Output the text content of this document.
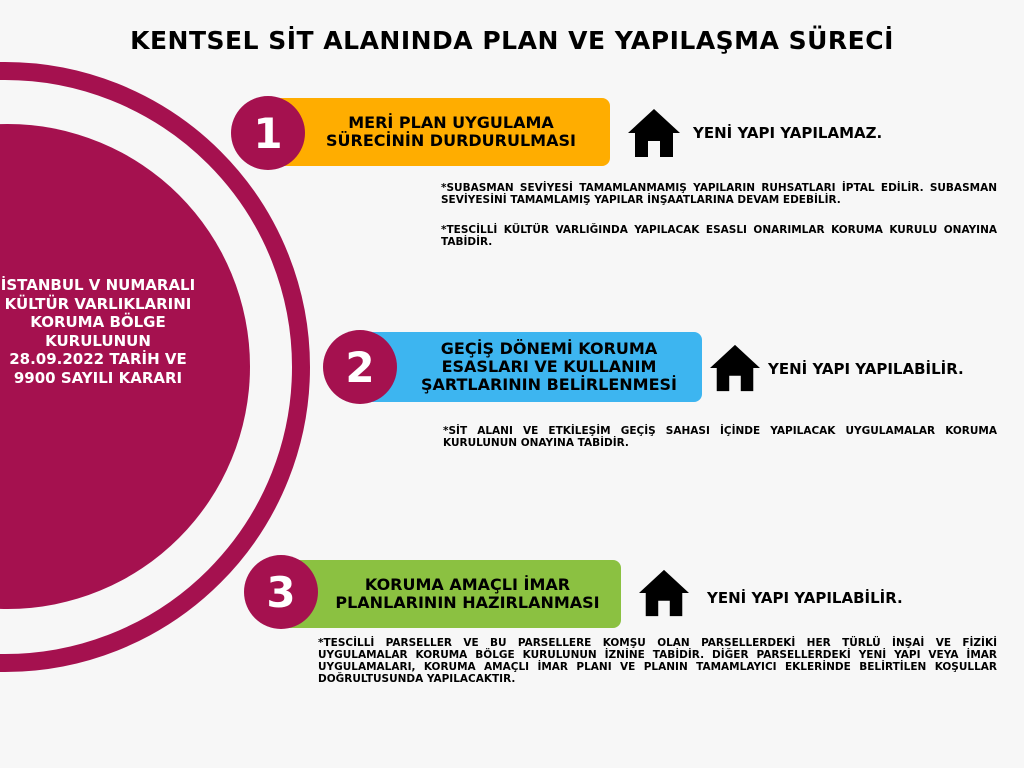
KENTSEL SİT ALANINDA PLAN VE YAPILAŞMA SÜRECİ
İSTANBUL V NUMARALI KÜLTÜR VARLIKLARINI KORUMA BÖLGE KURULUNUN 28.09.2022 TARİH VE 9900 SAYILI KARARI
MERİ PLAN UYGULAMA SÜRECİNİN DURDURULMASI
1	YENİ YAPI YAPILAMAZ.

*SUBASMAN SEVİYESİ TAMAMLANMAMIŞ YAPILARIN RUHSATLARI İPTAL EDİLİR. SUBASMAN SEVİYESİNİ TAMAMLAMIŞ YAPILAR İNŞAATLARINA DEVAM EDEBİLİR.

*TESCİLLİ KÜLTÜR VARLIĞINDA YAPILACAK ESASLI ONARIMLAR KORUMA KURULU ONAYINA TABİDİR.

GEÇİŞ DÖNEMİ KORUMA ESASLARI VE KULLANIM ŞARTLARININ BELİRLENMESİ
2	YENİ YAPI YAPILABİLİR.

*SİT ALANI VE ETKİLEŞİM GEÇİŞ SAHASI İÇİNDE YAPILACAK UYGULAMALAR KORUMA KURULUNUN ONAYINA TABİDİR.

KORUMA AMAÇLI İMAR PLANLARININ HAZIRLANMASI
3	YENİ YAPI YAPILABİLİR.

*TESCİLLİ PARSELLER VE BU PARSELLERE KOMŞU OLAN PARSELLERDEKİ HER TÜRLÜ İNŞAİ VE FİZİKİ UYGULAMALAR KORUMA BÖLGE KURULUNUN İZNİNE TABİDİR. DİĞER PARSELLERDEKİ YENİ YAPI VEYA İMAR UYGULAMALARI, KORUMA AMAÇLI İMAR PLANI VE PLANIN TAMAMLAYICI EKLERİNDE BELİRTİLEN KOŞULLAR DOĞRULTUSUNDA YAPILACAKTIR.
